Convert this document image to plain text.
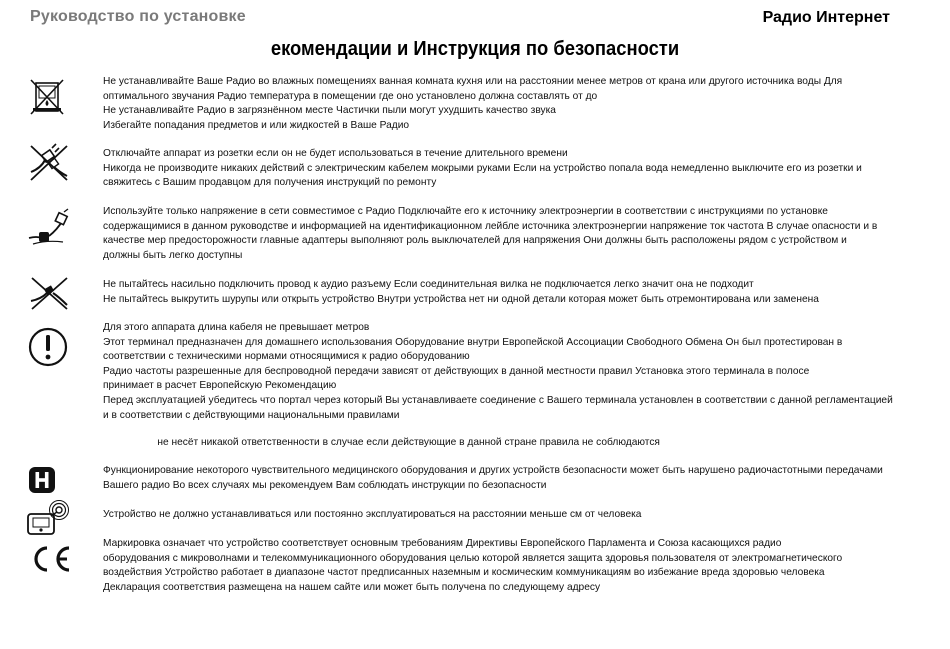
Руководство по установке	Радио Интернет
екомендации и Инструкция по безопасности
Не устанавливайте Ваше Радио во влажных помещениях ванная комната кухня или на расстоянии менее метров от крана или другого источника воды Для
оптимального звучания Радио температура в помещении где оно установлено должна составлять от до
Не устанавливайте Радио в загрязнённом месте Частички пыли могут ухудшить качество звука
Избегайте попадания предметов и или жидкостей в Ваше Радио
Отключайте аппарат из розетки если он не будет использоваться в течение длительного времени
Никогда не производите никаких действий с электрическим кабелем мокрыми руками Если на устройство попала вода немедленно выключите его из розетки и
свяжитесь с Вашим продавцом для получения инструкций по ремонту
Используйте только напряжение в сети совместимое с Радио Подключайте его к источнику электроэнергии в соответствии с инструкциями по установке
содержащимися в данном руководстве и информацией на идентификационном лейбле источника электроэнергии напряжение ток частота В случае опасности и в
качестве мер предосторожности главные адаптеры выполняют роль выключателей для напряжения Они должны быть расположены рядом с устройством и
должны быть легко доступны
Не пытайтесь насильно подключить провод к аудио разъему Если соединительная вилка не подключается легко значит она не подходит
Не пытайтесь выкрутить шурупы или открыть устройство Внутри устройства нет ни одной детали которая может быть отремонтирована или заменена
Для этого аппарата длина кабеля не превышает метров
Этот терминал предназначен для домашнего использования Оборудование внутри Европейской Ассоциации Свободного Обмена Он был протестирован в
соответствии с техническими нормами относящимися к радио оборудованию
Радио частоты разрешенные для беспроводной передачи зависят от действующих в данной местности правил Установка этого терминала в полосе
принимает в расчет Европейскую Рекомендацию
Перед эксплуатацией убедитесь что портал через который Вы устанавливаете соединение с Вашего терминала установлен в соответствии с данной регламентацией
и в соответствии с действующими национальными правилами
не несёт никакой ответственности в случае если действующие в данной стране правила не соблюдаются
Функционирование некоторого чувствительного медицинского оборудования и других устройств безопасности может быть нарушено радиочастотными передачами
Вашего радио Во всех случаях мы рекомендуем Вам соблюдать инструкции по безопасности
Устройство не должно устанавливаться или постоянно эксплуатироваться на расстоянии меньше см от человека
Маркировка означает что устройство соответствует основным требованиям Директивы Европейского Парламента и Союза касающихся радио
оборудования с микроволнами и телекоммуникационного оборудования целью которой является защита здоровья пользователя от электромагнетического
воздействия Устройство работает в диапазоне частот предписанных наземным и космическим коммуникациям во избежание вреда здоровью человека
Декларация соответствия размещена на нашем сайте или может быть получена по следующему адресу
